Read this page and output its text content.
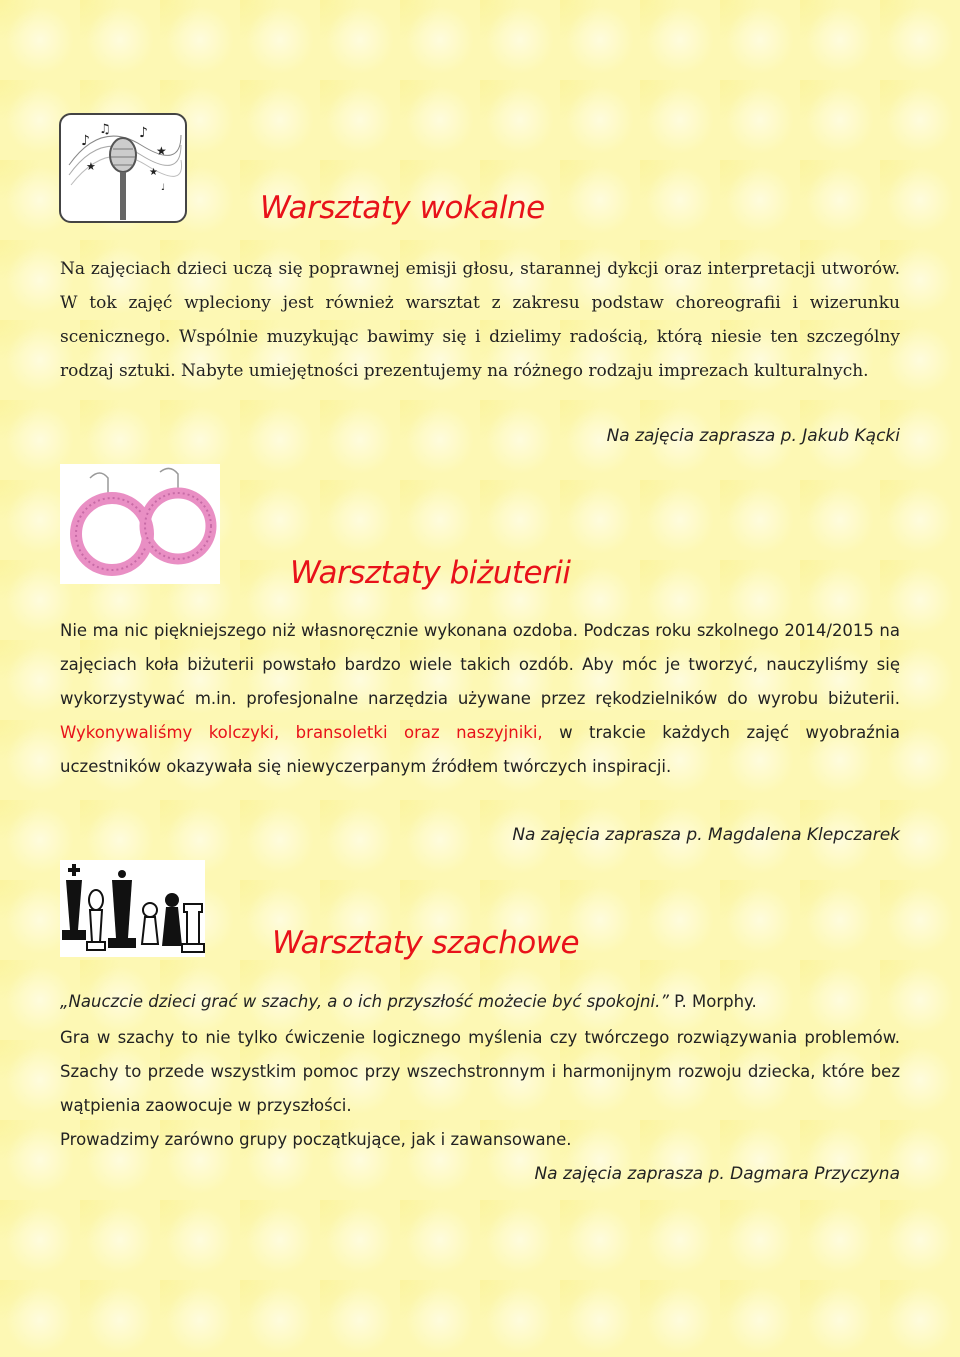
♪
♫ ♪
★
★
★
♩
Warsztaty wokalne
Na zajęciach dzieci uczą się poprawnej emisji głosu, starannej dykcji oraz interpretacji utworów. W tok zajęć wpleciony jest również warsztat z zakresu podstaw choreografii i wizerunku scenicznego. Wspólnie muzykując bawimy się i dzielimy radością, którą niesie ten szczególny rodzaj sztuki. Nabyte umiejętności prezentujemy na różnego rodzaju imprezach kulturalnych.
Na zajęcia zaprasza p. Jakub Kącki
Warsztaty biżuterii
Nie ma nic piękniejszego niż własnoręcznie wykonana ozdoba. Podczas roku szkolnego 2014/2015 na zajęciach koła biżuterii powstało bardzo wiele takich ozdób. Aby móc je tworzyć, nauczyliśmy się wykorzystywać m.in. profesjonalne narzędzia używane przez rękodzielników do wyrobu biżuterii. Wykonywaliśmy kolczyki, bransoletki oraz naszyjniki, w trakcie każdych zajęć wyobraźnia uczestników okazywała się niewyczerpanym źródłem twórczych inspiracji.
Na zajęcia zaprasza p. Magdalena Klepczarek
Warsztaty szachowe
„Nauczcie dzieci grać w szachy, a o ich przyszłość możecie być spokojni.” P. Morphy.
Gra w szachy to nie tylko ćwiczenie logicznego myślenia czy twórczego rozwiązywania problemów. Szachy to przede wszystkim pomoc przy wszechstronnym i harmonijnym rozwoju dziecka, które bez wątpienia zaowocuje w przyszłości.
Prowadzimy zarówno grupy początkujące, jak i zawansowane.
Na zajęcia zaprasza p. Dagmara Przyczyna
